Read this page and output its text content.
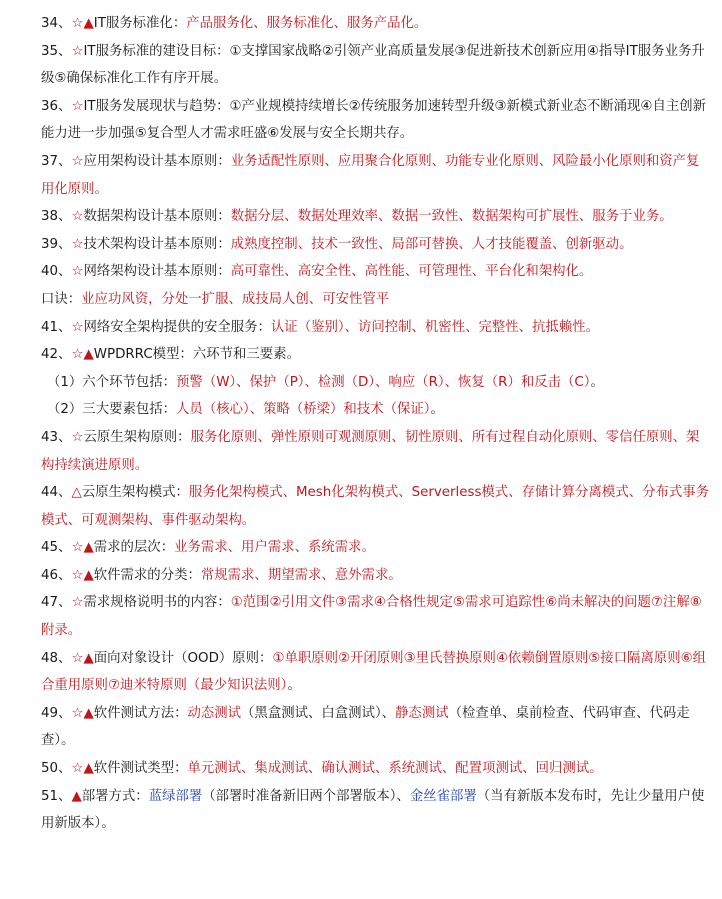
34、☆▲IT服务标准化：产品服务化、服务标准化、服务产品化。

35、☆IT服务标准的建设目标：①支撑国家战略②引领产业高质量发展③促进新技术创新应用④指导IT服务业务升级⑤确保标准化工作有序开展。

36、☆IT服务发展现状与趋势：①产业规模持续增长②传统服务加速转型升级③新模式新业态不断涌现④自主创新能力进一步加强⑤复合型人才需求旺盛⑥发展与安全长期共存。

37、☆应用架构设计基本原则：业务适配性原则、应用聚合化原则、功能专业化原则、风险最小化原则和资产复用化原则。

38、☆数据架构设计基本原则：数据分层、数据处理效率、数据一致性、数据架构可扩展性、服务于业务。

39、☆技术架构设计基本原则：成熟度控制、技术一致性、局部可替换、人才技能覆盖、创新驱动。

40、☆网络架构设计基本原则：高可靠性、高安全性、高性能、可管理性、平台化和架构化。

口诀：业应功风资，分处一扩服、成技局人创、可安性管平

41、☆网络安全架构提供的安全服务：认证（鉴别）、访问控制、机密性、完整性、抗抵赖性。

42、☆▲WPDRRC模型：六环节和三要素。

（1）六个环节包括：预警（W）、保护（P）、检测（D）、响应（R）、恢复（R）和反击（C）。

（2）三大要素包括：人员（核心）、策略（桥梁）和技术（保证）。

43、☆云原生架构原则：服务化原则、弹性原则可观测原则、韧性原则、所有过程自动化原则、零信任原则、架构持续演进原则。

44、△云原生架构模式：服务化架构模式、Mesh化架构模式、Serverless模式、存储计算分离模式、分布式事务模式、可观测架构、事件驱动架构。

45、☆▲需求的层次：业务需求、用户需求、系统需求。

46、☆▲软件需求的分类：常规需求、期望需求、意外需求。

47、☆需求规格说明书的内容：①范围②引用文件③需求④合格性规定⑤需求可追踪性⑥尚未解决的问题⑦注解⑧附录。

48、☆▲面向对象设计（OOD）原则：①单职原则②开闭原则③里氏替换原则④依赖倒置原则⑤接口隔离原则⑥组合重用原则⑦迪米特原则（最少知识法则）。

49、☆▲软件测试方法：动态测试（黑盒测试、白盒测试）、静态测试（检查单、桌前检查、代码审查、代码走查）。

50、☆▲软件测试类型：单元测试、集成测试、确认测试、系统测试、配置项测试、回归测试。

51、▲部署方式：蓝绿部署（部署时准备新旧两个部署版本）、金丝雀部署（当有新版本发布时，先让少量用户使用新版本）。
